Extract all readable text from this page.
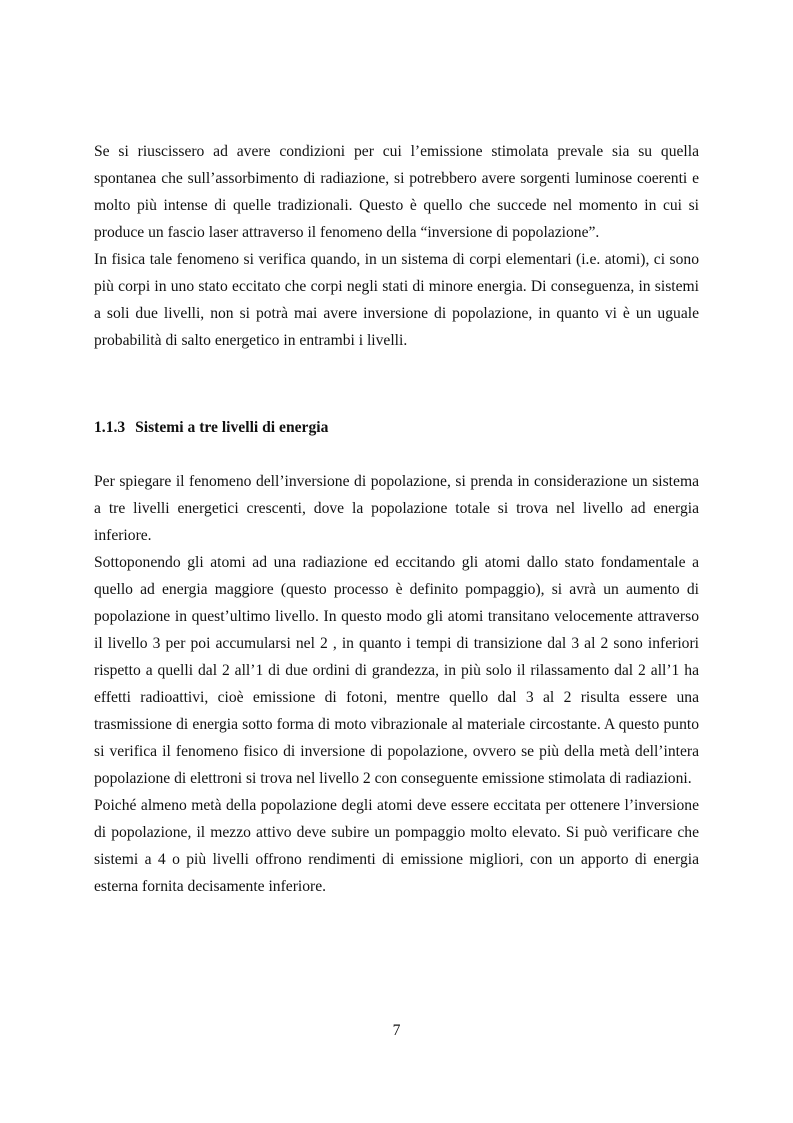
Se si riuscissero ad avere condizioni per cui l’emissione stimolata prevale sia su quella spontanea che sull’assorbimento di radiazione, si potrebbero avere sorgenti luminose coerenti e molto più intense di quelle tradizionali. Questo è quello che succede nel momento in cui si produce un fascio laser attraverso il fenomeno della “inversione di popolazione”.

In fisica tale fenomeno si verifica quando, in un sistema di corpi elementari (i.e. atomi), ci sono più corpi in uno stato eccitato che corpi negli stati di minore energia. Di conseguenza, in sistemi a soli due livelli, non si potrà mai avere inversione di popolazione, in quanto vi è un uguale probabilità di salto energetico in entrambi i livelli.

1.1.3 Sistemi a tre livelli di energia

Per spiegare il fenomeno dell’inversione di popolazione, si prenda in considerazione un sistema a tre livelli energetici crescenti, dove la popolazione totale si trova nel livello ad energia inferiore.

Sottoponendo gli atomi ad una radiazione ed eccitando gli atomi dallo stato fondamentale a quello ad energia maggiore (questo processo è definito pompaggio), si avrà un aumento di popolazione in quest’ultimo livello. In questo modo gli atomi transitano velocemente attraverso il livello 3 per poi accumularsi nel 2 , in quanto i tempi di transizione dal 3 al 2 sono inferiori rispetto a quelli dal 2 all’1 di due ordini di grandezza, in più solo il rilassamento dal 2 all’1 ha effetti radioattivi, cioè emissione di fotoni, mentre quello dal 3 al 2 risulta essere una trasmissione di energia sotto forma di moto vibrazionale al materiale circostante. A questo punto si verifica il fenomeno fisico di inversione di popolazione, ovvero se più della metà dell’intera popolazione di elettroni si trova nel livello 2 con conseguente emissione stimolata di radiazioni.

Poiché almeno metà della popolazione degli atomi deve essere eccitata per ottenere l’inversione di popolazione, il mezzo attivo deve subire un pompaggio molto elevato. Si può verificare che sistemi a 4 o più livelli offrono rendimenti di emissione migliori, con un apporto di energia esterna fornita decisamente inferiore.

7
